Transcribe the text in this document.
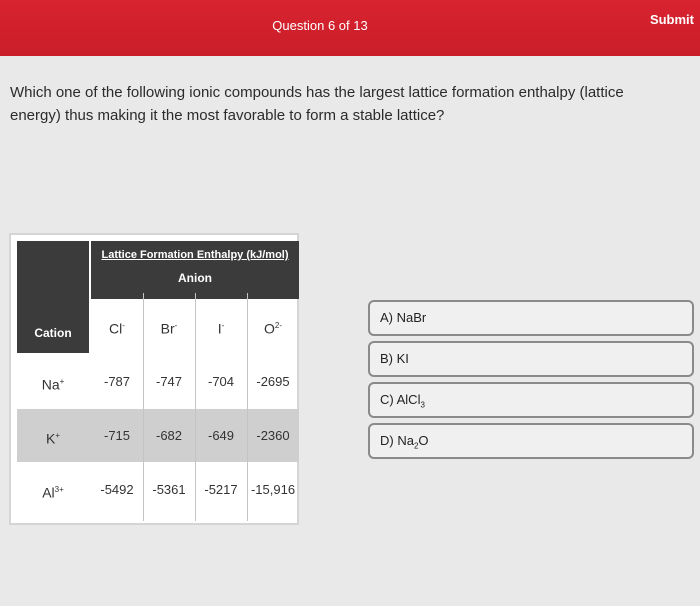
Question 6 of 13	Submit
Which one of the following ionic compounds has the largest lattice formation enthalpy (lattice energy) thus making it the most favorable to form a stable lattice?
Cation
Lattice Formation Enthalpy (kJ/mol)
Anion
Cl-	Br-	I-	$O^{2-}$
Na+	-787	-747	-704	-2695
K+	-715	-682	-649	-2360
$Al^{3+}$	-5492	-5361	-5217	-15,916
A) NaBr
B) KI
C) AlCl$_3$
D) $Na_2O$
